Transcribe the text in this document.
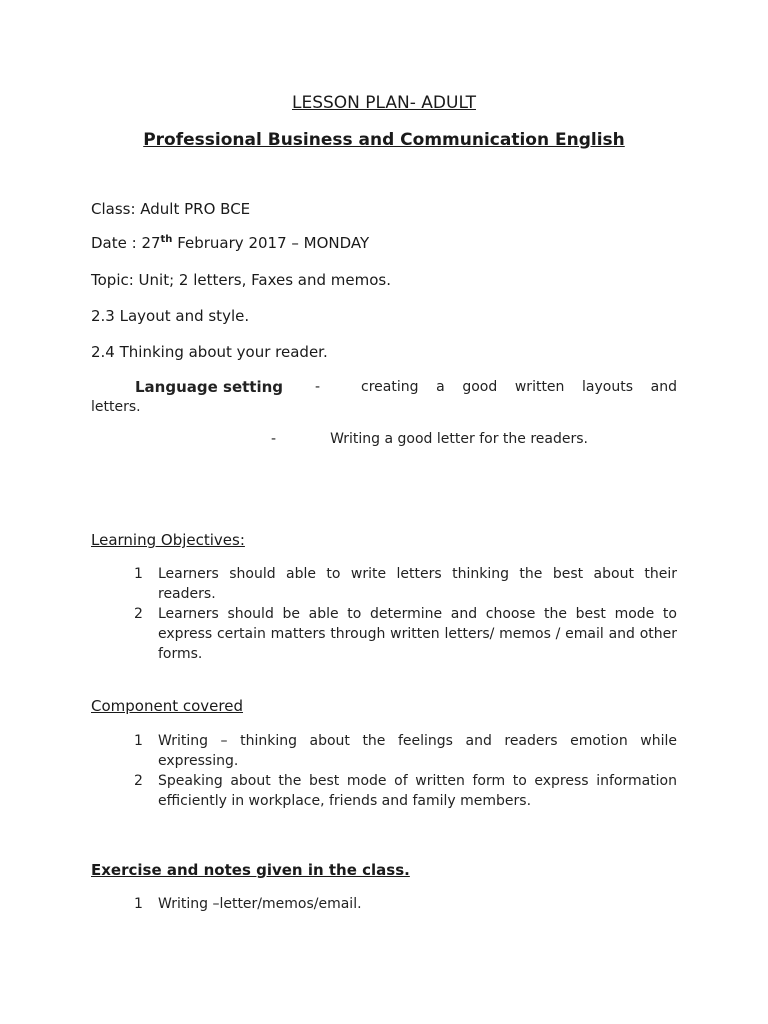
LESSON PLAN- ADULT
Professional Business and Communication English
Class: Adult PRO BCE
Date : 27th February 2017 – MONDAY
Topic: Unit; 2 letters, Faxes and memos.
2.3 Layout and style.
2.4 Thinking about your reader.
Language setting -	creating a good written layouts and
letters.
-	Writing a good letter for the readers.
Learning Objectives:
1	Learners should able to write letters thinking the best about their readers.
2	Learners should be able to determine and choose the best mode to express certain matters through written letters/ memos / email and other forms.
Component covered
1	Writing – thinking about the feelings and readers emotion while expressing.
2	Speaking about the best mode of written form to express information efficiently in workplace, friends and family members.
Exercise and notes given in the class.
1	Writing –letter/memos/email.
